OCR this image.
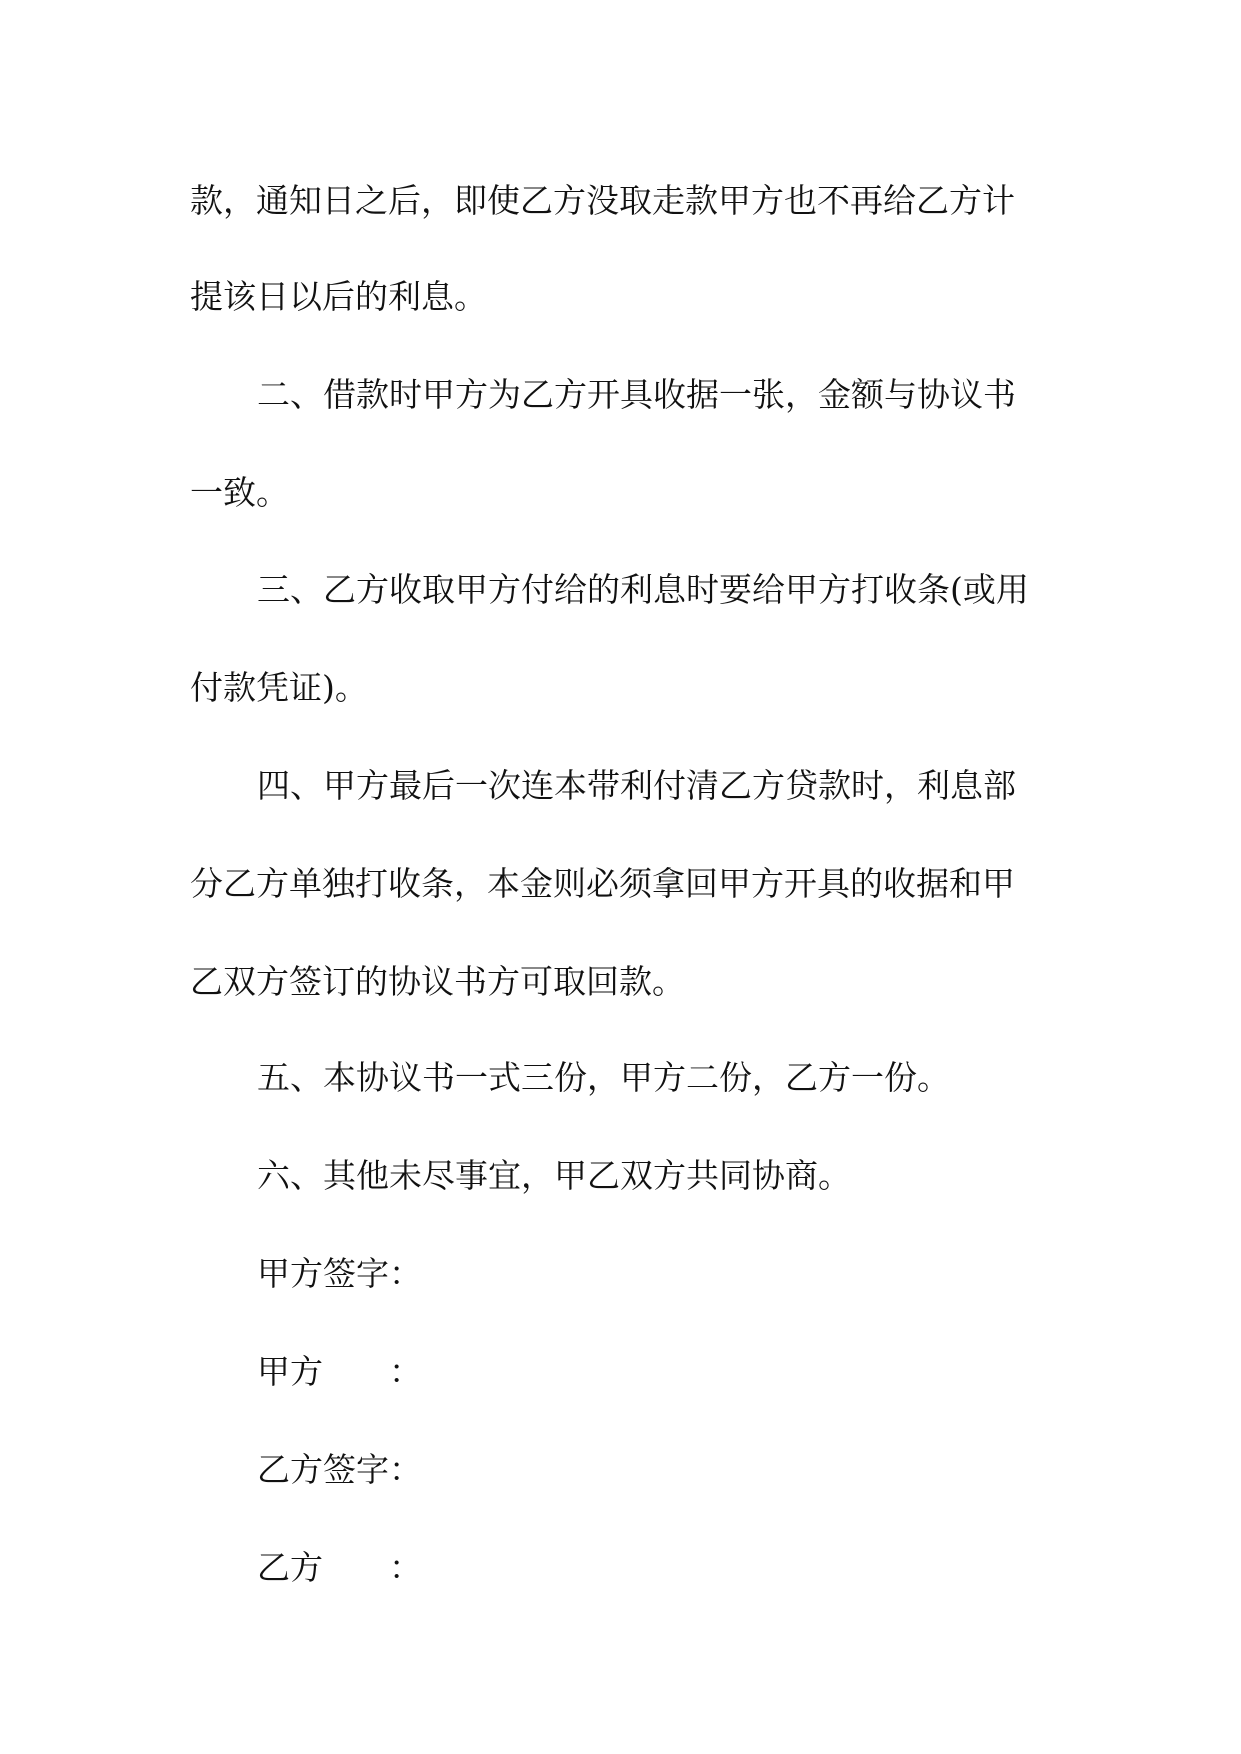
款，通知日之后，即使乙方没取走款甲方也不再给乙方计
提该日以后的利息。
二、借款时甲方为乙方开具收据一张，金额与协议书
一致。
三、乙方收取甲方付给的利息时要给甲方打收条(或用
付款凭证)。
四、甲方最后一次连本带利付清乙方贷款时，利息部
分乙方单独打收条，本金则必须拿回甲方开具的收据和甲
乙双方签订的协议书方可取回款。
五、本协议书一式三份，甲方二份，乙方一份。
六、其他未尽事宜，甲乙双方共同协商。
甲方签字：
甲方　　：
乙方签字：
乙方　　：
